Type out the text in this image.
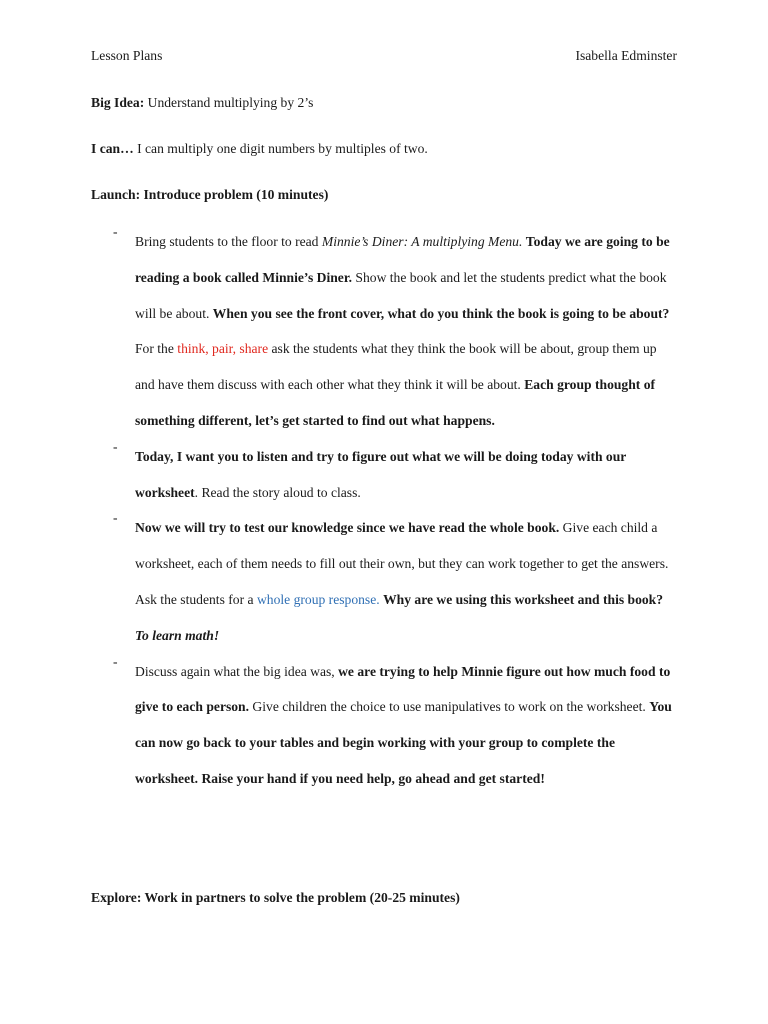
Lesson Plans	Isabella Edminster
Big Idea: Understand multiplying by 2’s
I can… I can multiply one digit numbers by multiples of two.
Launch: Introduce problem (10 minutes)
-
Bring students to the floor to read Minnie’s Diner: A multiplying Menu. Today we are going to be reading a book called Minnie’s Diner. Show the book and let the students predict what the book will be about. When you see the front cover, what do you think the book is going to be about? For the think, pair, share ask the students what they think the book will be about, group them up and have them discuss with each other what they think it will be about. Each group thought of something different, let’s get started to find out what happens.
-
Today, I want you to listen and try to figure out what we will be doing today with our worksheet. Read the story aloud to class.
-
Now we will try to test our knowledge since we have read the whole book. Give each child a worksheet, each of them needs to fill out their own, but they can work together to get the answers. Ask the students for a whole group response. Why are we using this worksheet and this book? To learn math!
-
Discuss again what the big idea was, we are trying to help Minnie figure out how much food to give to each person. Give children the choice to use manipulatives to work on the worksheet. You can now go back to your tables and begin working with your group to complete the worksheet. Raise your hand if you need help, go ahead and get started!
Explore: Work in partners to solve the problem (20-25 minutes)
